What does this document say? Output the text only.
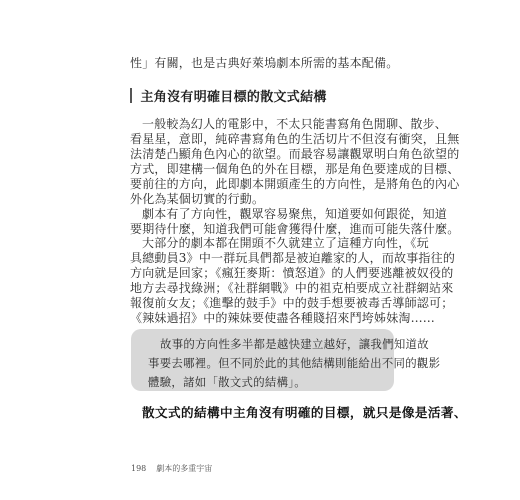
性」有關，也是古典好萊塢劇本所需的基本配備。
主角沒有明確目標的散文式結構
一般較為幻人的電影中，不太只能書寫角色閒聊、散步、
看星星，意即，純碎書寫角色的生活切片不但沒有衝突，且無
法清楚凸顯角色內心的欲望。而最容易讓觀眾明白角色欲望的
方式，即建構一個角色的外在目標，那是角色要達成的目標、
要前往的方向，此即劇本開頭產生的方向性，是將角色的內心
外化為某個切實的行動。
劇本有了方向性，觀眾容易聚焦，知道要如何跟從，知道
要期待什麼，知道我們可能會獲得什麼，進而可能失落什麼。
大部分的劇本都在開頭不久就建立了這種方向性，《玩
具總動員3》中一群玩具們都是被迫離家的人，而故事指往的
方向就是回家；《瘋狂麥斯：憤怒道》的人們要逃離被奴役的
地方去尋找綠洲；《社群網戰》中的祖克柏要成立社群網站來
報復前女友；《進擊的鼓手》中的鼓手想要被毒舌導師認可；
《辣妹過招》中的辣妹要使盡各種賤招來鬥垮姊妹淘……
故事的方向性多半都是越快建立越好，讓我們知道故
事要去哪裡。但不同於此的其他結構則能給出不同的觀影
體驗，諸如「散文式的結構」。
散文式的結構中主角沒有明確的目標，就只是像是活著、
198 劇本的多重宇宙
